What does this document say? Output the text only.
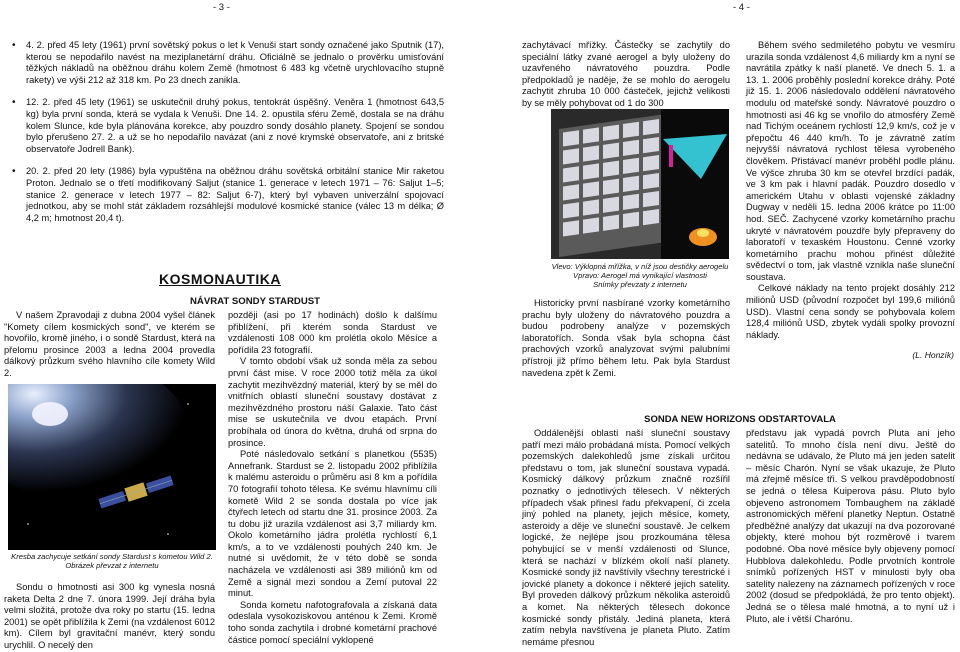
- 3 -	- 4 -
• 4. 2. před 45 lety (1961) první sovětský pokus o let k Venuši start sondy označené jako Sputnik (17), kterou se nepodařilo navést na meziplanetární dráhu. Oficiálně se jednalo o prověrku umisťování těžkých nákladů na oběžnou dráhu kolem Země (hmotnost 6 483 kg včetně urychlovacího stupně rakety) ve výši 212 až 318 km. Po 23 dnech zanikla.
• 12. 2. před 45 lety (1961) se uskutečnil druhý pokus, tentokrát úspěšný. Veněra 1 (hmotnost 643,5 kg) byla první sonda, která se vydala k Venuši. Dne 14. 2. opustila sféru Země, dostala se na dráhu kolem Slunce, kde byla plánována korekce, aby pouzdro sondy dosáhlo planety. Spojení se sondou bylo přerušeno 27. 2. a už se ho nepodařilo navázat (ani z nové krymské observatoře, ani z britské observatoře Jodrell Bank).
• 20. 2. před 20 lety (1986) byla vypuštěna na oběžnou dráhu sovětská orbitální stanice Mir raketou Proton. Jednalo se o třetí modifikovaný Saljut (stanice 1. generace v letech 1971 – 76: Saljut 1–5; stanice 2. generace v letech 1977 – 82: Saljut 6-7), který byl vybaven univerzální spojovací jednotkou, aby se mohl stát základem rozsáhlejší modulové kosmické stanice (válec 13 m délka; Ø 4,2 m; hmotnost 20,4 t).
KOSMONAUTIKA
NÁVRAT SONDY STARDUST

V našem Zpravodaji z dubna 2004 vyšel článek "Komety cílem kosmických sond", ve kterém se hovořilo, kromě jiného, i o sondě Stardust, která na přelomu prosince 2003 a ledna 2004 provedla dálkový průzkum svého hlavního cíle komety Wild 2.

Kresba zachycuje setkání sondy Stardust s kometou Wild 2. Obrázek převzat z internetu

Sondu o hmotnosti asi 300 kg vynesla nosná raketa Delta 2 dne 7. února 1999. Její dráha byla velmi složitá, protože dva roky po startu (15. ledna 2001) se opět přiblížila k Zemi (na vzdálenost 6012 km). Cílem byl gravitační manévr, který sondu urychlil. O necelý den

později (asi po 17 hodinách) došlo k dalšímu přiblížení, při kterém sonda Stardust ve vzdálenosti 108 000 km prolétla okolo Měsíce a pořídila 23 fotografií.

V tomto období však už sonda měla za sebou první část mise. V roce 2000 totiž měla za úkol zachytit mezihvězdný materiál, který by se měl do vnitřních oblastí sluneční soustavy dostávat z mezihvězdného prostoru náší Galaxie. Tato část mise se uskutečnila ve dvou etapách. První probíhala od února do května, druhá od srpna do prosince.

Poté následovalo setkání s planetkou (5535) Annefrank. Stardust se 2. listopadu 2002 přiblížila k malému asteroidu o průměru asi 8 km a pořídila 70 fotografií tohoto tělesa. Ke svému hlavnímu cíli kometě Wild 2 se sonda dostala po více jak čtyřech letech od startu dne 31. prosince 2003. Za tu dobu již urazila vzdálenost asi 3,7 miliardy km. Okolo kometárního jádra prolétla rychlostí 6,1 km/s, a to ve vzdálenosti pouhých 240 km. Je nutné si uvědomit, že v této době se sonda nacházela ve vzdálenosti asi 389 miliónů km od Země a signál mezi sondou a Zemí putoval 22 minut.

Sonda kometu nafotografovala a získaná data odeslala vysokoziskovou anténou k Zemi. Kromě toho sonda zachytila i drobné kometární prachové částice pomocí speciální vyklopené

zachytávací mřížky. Částečky se zachytily do speciální látky zvané aerogel a byly uloženy do uzavřeného návratového pouzdra. Podle předpokladů je naděje, že se mohlo do aerogelu zachytit zhruba 10 000 částeček, jejichž velikosti by se měly pohybovat od 1 do 300

Vlevo: Výklopná mřížka, v níž jsou destičky aerogelu
Vpravo: Aerogel má vynikající vlastnosti
Snímky převzaty z internetu

Historicky první nasbírané vzorky kometárního prachu byly uloženy do návratového pouzdra a budou podrobeny analýze v pozemských laboratořích. Sonda však byla schopna část prachových vzorků analyzovat svými palubními přístroji již přímo během letu. Pak byla Stardust navedena zpět k Zemi.

Během svého sedmiletého pobytu ve vesmíru urazila sonda vzdálenost 4,6 miliardy km a nyní se navrátila zpátky k naší planetě. Ve dnech 5. 1. a 13. 1. 2006 proběhly poslední korekce dráhy. Poté již 15. 1. 2006 následovalo oddělení návratového modulu od mateřské sondy. Návratové pouzdro o hmotnosti asi 46 kg se vnořilo do atmosféry Země nad Tichým oceánem rychlostí 12,9 km/s, což je v přepočtu 46 440 km/h. To je závratně zatím nejvyšší návratová rychlost tělesa vyrobeného člověkem. Přistávací manévr proběhl podle plánu. Ve výšce zhruba 30 km se otevřel brzdící padák, ve 3 km pak i hlavní padák. Pouzdro dosedlo v americkém Utahu v oblasti vojenské základny Dugway v neděli 15. ledna 2006 krátce po 11:00 hod. SEČ. Zachycené vzorky kometárního prachu ukryté v návratovém pouzdře byly přepraveny do laboratoří v texaském Houstonu. Cenné vzorky kometárního prachu mohou přinést důležité svědectví o tom, jak vlastně vznikla naše sluneční soustava.

Celkové náklady na tento projekt dosáhly 212 miliónů USD (původní rozpočet byl 199,6 miliónů USD). Vlastní cena sondy se pohybovala kolem 128,4 miliónů USD, zbytek vydáli spolky provozní náklady.

(L. Honzík)
SONDA NEW HORIZONS ODSTARTOVALA

Oddálenější oblasti naší sluneční soustavy patří mezi málo probádaná místa. Pomocí velkých pozemských dalekohledů jsme získali určitou představu o tom, jak sluneční soustava vypadá. Kosmický dálkový průzkum značně rozšířil poznatky o jednotlivých tělesech. V některých případech však přinesl řadu překvapení, či zcela jiný pohled na planety, jejich měsíce, komety, asteroidy a děje ve sluneční soustavě. Je celkem logické, že nejlépe jsou prozkoumána tělesa pohybující se v menší vzdálenosti od Slunce, která se nachází v blízkém okolí naší planety. Kosmické sondy již navštívily všechny terestrické i jovické planety a dokonce i některé jejich satelity. Byl proveden dálkový průzkum několika asteroidů a komet. Na některých tělesech dokonce kosmické sondy přistály. Jediná planeta, která zatím nebyla navštívena je planeta Pluto. Zatím nemáme přesnou

představu jak vypadá povrch Pluta ani jeho satelitů. To mnoho čísla není divu. Ještě do nedávna se udávalo, že Pluto má jen jeden satelit – měsíc Charón. Nyní se však ukazuje, že Pluto má zřejmě měsíce tři. S velkou pravděpodobností se jedná o tělesa Kuiperova pásu. Pluto bylo objeveno astronomem Tombaughem na základě astronomických měření planetky Neptun. Ostatně předběžné analýzy dat ukazují na dva pozorované objekty, které mohou být rozměrově i tvarem podobné. Oba nové měsíce byly objeveny pomocí Hubblova dalekohledu. Podle prvotních kontrole snímků pořízených HST v minulosti byly oba satelity nalezeny na záznamech pořízených v roce 2002 (dosud se předpokládá, že pro tento objekt). Jedná se o tělesa malé hmotná, a to nyní už i Pluto, ale i větší Charónu.
